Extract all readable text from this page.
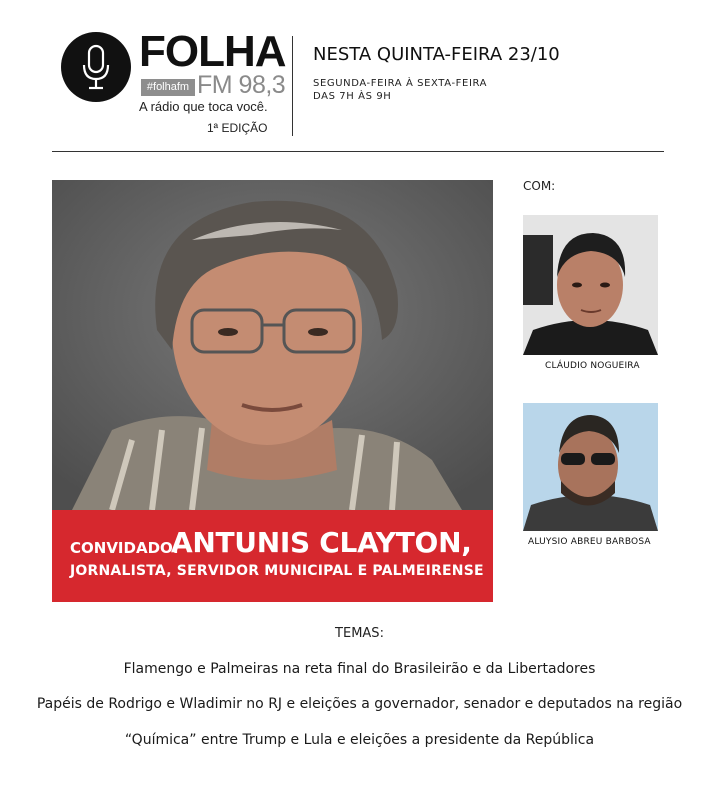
FOLHA
#folhafm FM 98,3
A rádio que toca você.
1ª EDIÇÃO
NESTA QUINTA-FEIRA 23/10
SEGUNDA-FEIRA À SEXTA-FEIRA
DAS 7H ÀS 9H
CONVIDADO:
ANTUNIS CLAYTON,
JORNALISTA, SERVIDOR MUNICIPAL E PALMEIRENSE
COM:
CLÁUDIO NOGUEIRA
ALUYSIO ABREU BARBOSA
TEMAS:
Flamengo e Palmeiras na reta final do Brasileirão e da Libertadores
Papéis de Rodrigo e Wladimir no RJ e eleições a governador, senador e deputados na região
“Química” entre Trump e Lula e eleições a presidente da República
